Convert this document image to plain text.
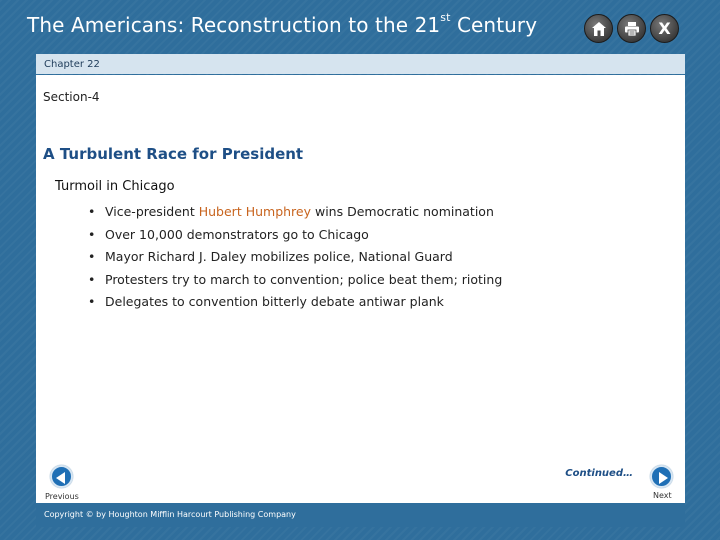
The Americans: Reconstruction to the 21st Century	X
Chapter 22
Section-4
A Turbulent Race for President
Turmoil in Chicago
• Vice-president Hubert Humphrey wins Democratic nomination
• Over 10,000 demonstrators go to Chicago
• Mayor Richard J. Daley mobilizes police, National Guard
• Protesters try to march to convention; police beat them; rioting
• Delegates to convention bitterly debate antiwar plank
Continued…
Previous	Next
Copyright © by Houghton Mifflin Harcourt Publishing Company
